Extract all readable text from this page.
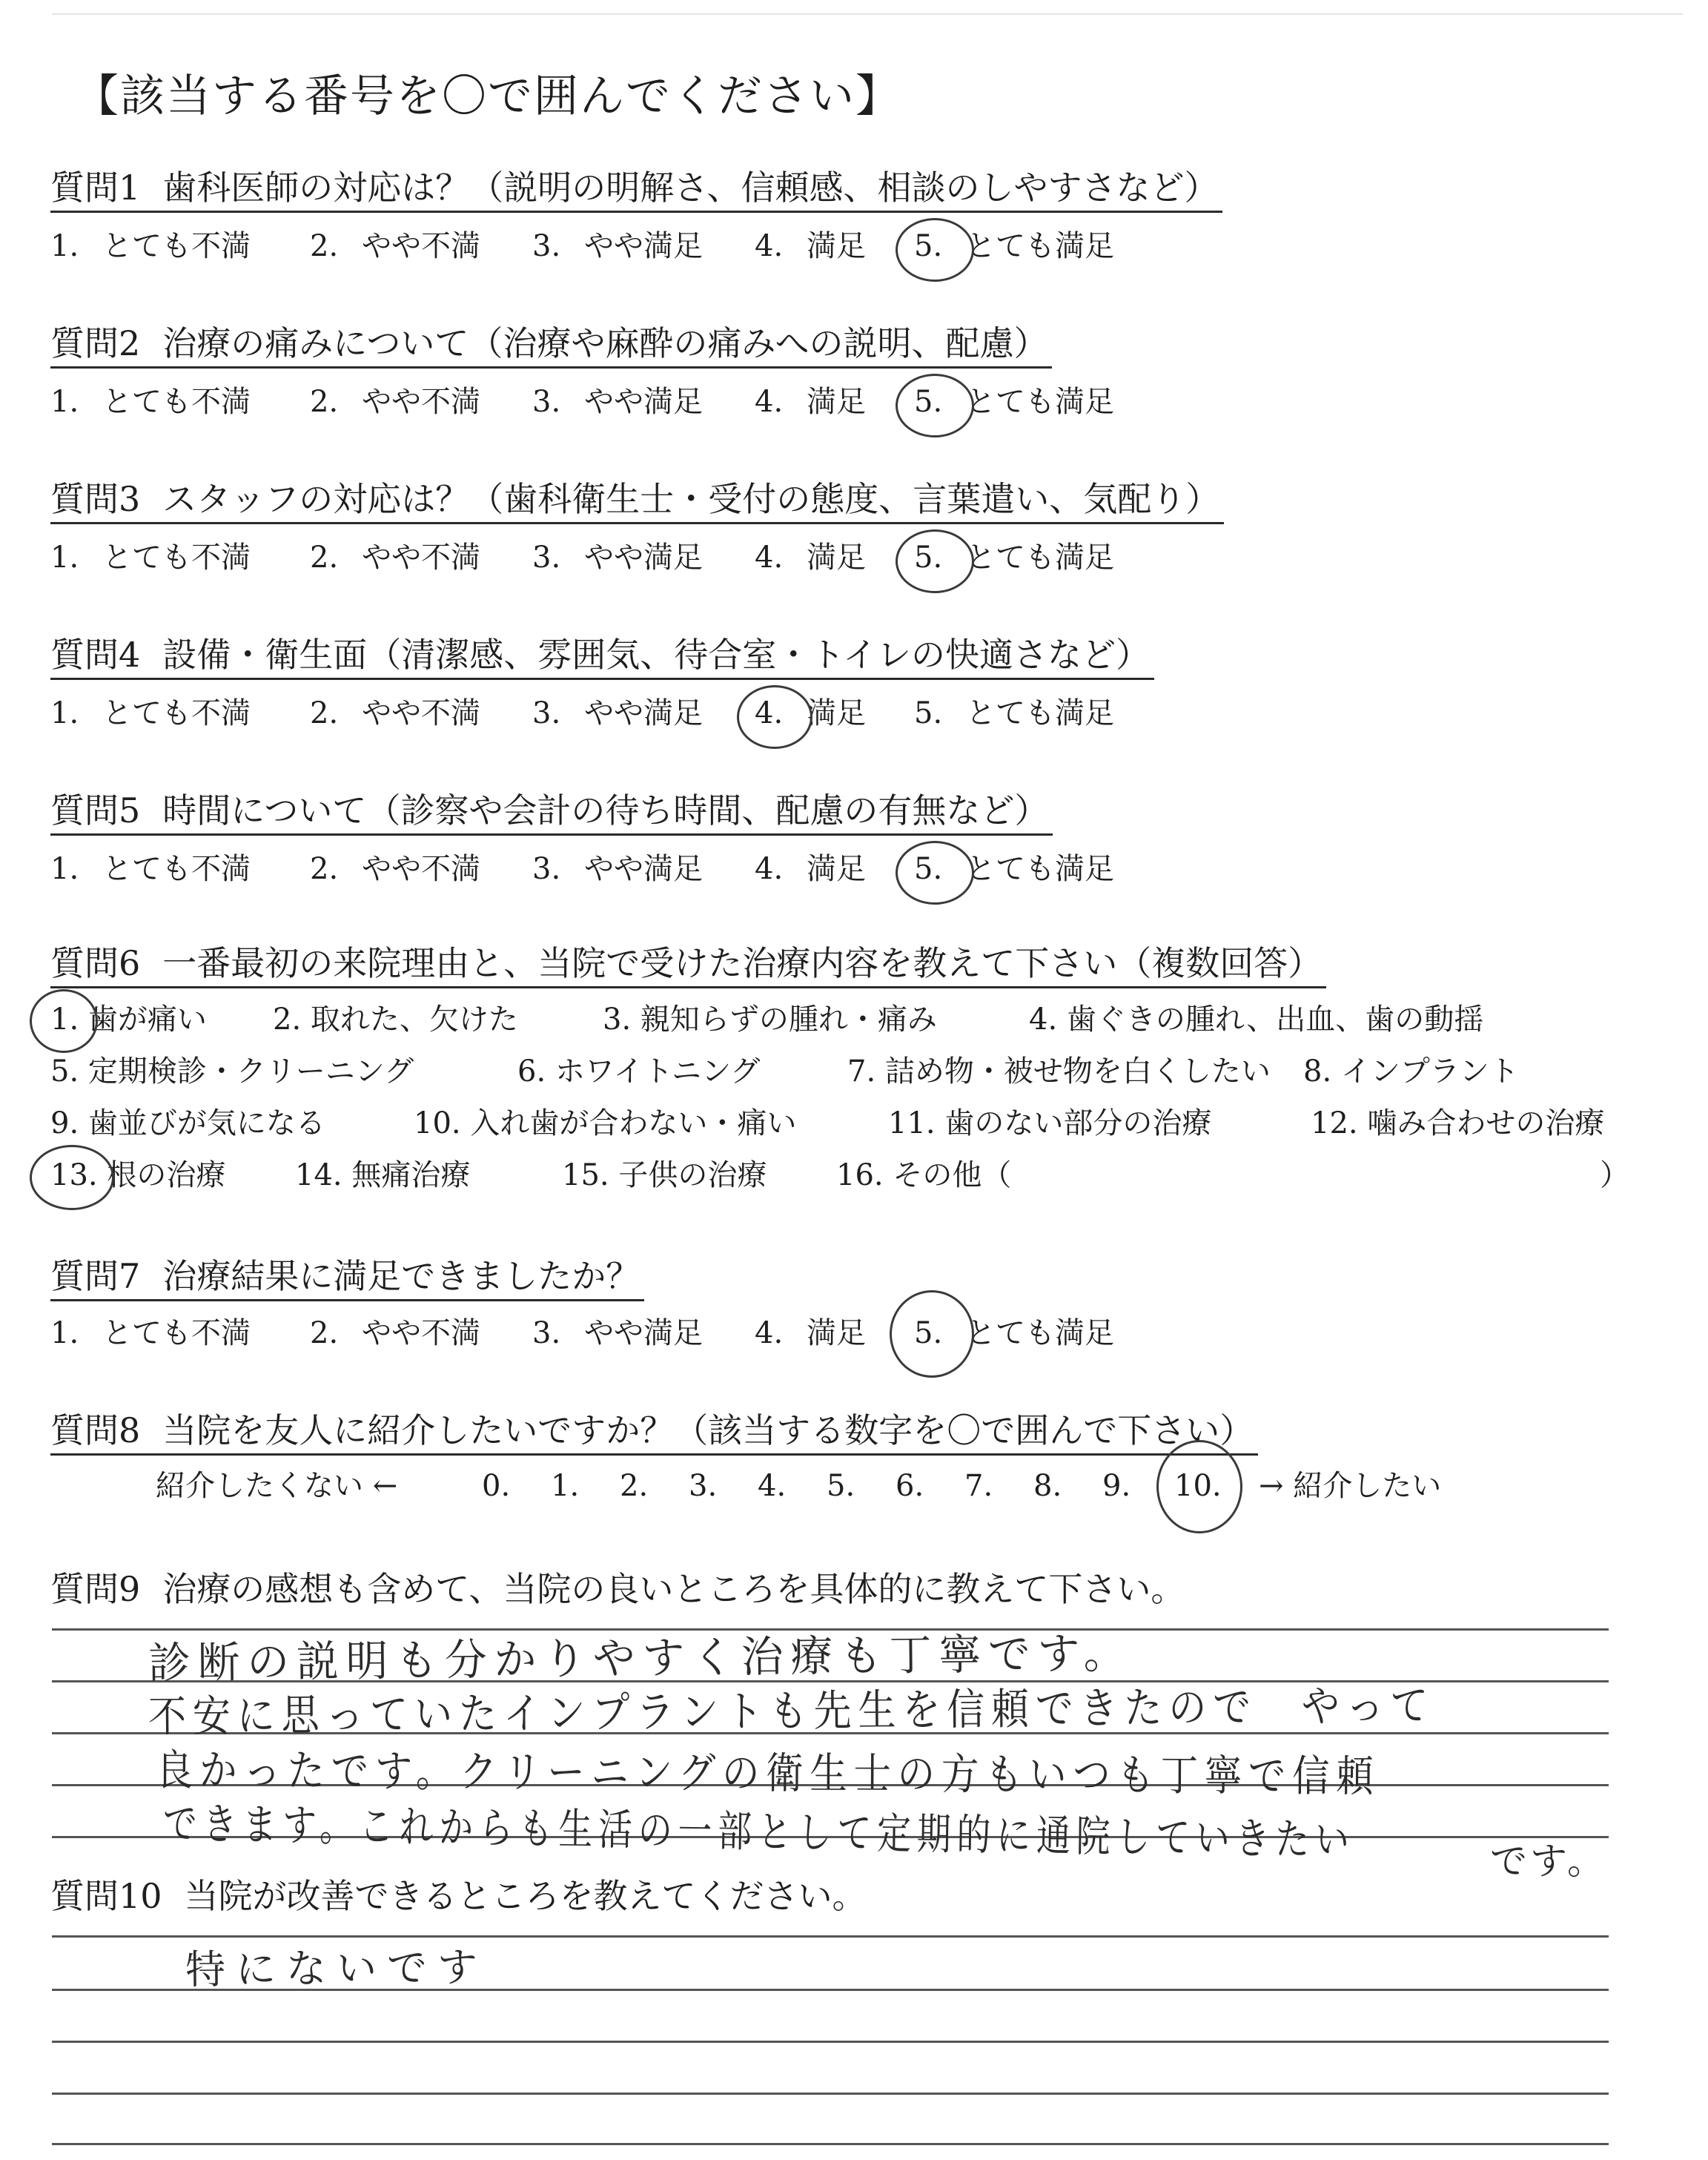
【該当する番号を〇で囲んでください】
質問1 歯科医師の対応は？（説明の明解さ、信頼感、相談のしやすさなど）
1. とても不満 2. やや不満 3. やや満足 4. 満足 5. とても満足
質問2 治療の痛みについて（治療や麻酔の痛みへの説明、配慮）
1. とても不満 2. やや不満 3. やや満足 4. 満足 5. とても満足
質問3 スタッフの対応は？（歯科衛生士・受付の態度、言葉遣い、気配り）
1. とても不満 2. やや不満 3. やや満足 4. 満足 5. とても満足
質問4 設備・衛生面（清潔感、雰囲気、待合室・トイレの快適さなど）
1. とても不満 2. やや不満 3. やや満足 4. 満足 5. とても満足
質問5 時間について（診察や会計の待ち時間、配慮の有無など）
1. とても不満 2. やや不満 3. やや満足 4. 満足 5. とても満足
質問6 一番最初の来院理由と、当院で受けた治療内容を教えて下さい（複数回答）
1. 歯が痛い 2. 取れた、欠けた	3. 親知らずの腫れ・痛み	4. 歯ぐきの腫れ、出血、歯の動揺
5. 定期検診・クリーニング	6. ホワイトニング	7. 詰め物・被せ物を白くしたい 8. インプラント
9. 歯並びが気になる	10. 入れ歯が合わない・痛い	11. 歯のない部分の治療	12. 噛み合わせの治療
13. 根の治療 14. 無痛治療	15. 子供の治療 16. その他（	）
質問7 治療結果に満足できましたか？
1. とても不満 2. やや不満 3. やや満足 4. 満足 5. とても満足
質問8 当院を友人に紹介したいですか？（該当する数字を〇で囲んで下さい）
紹介したくない ←	0. 1. 2. 3. 4. 5. 6. 7. 8. 9. 10. → 紹介したい
質問9 治療の感想も含めて、当院の良いところを具体的に教えて下さい。
診断の説明も分かりやすく治療も丁寧です。
不安に思っていたインプラントも先生を信頼できたので　やって
良かったです。クリーニングの衛生士の方もいつも丁寧で信頼
できます。これからも生活の一部として定期的に通院していきたい	です。
質問10 当院が改善できるところを教えてください。
特にないです
